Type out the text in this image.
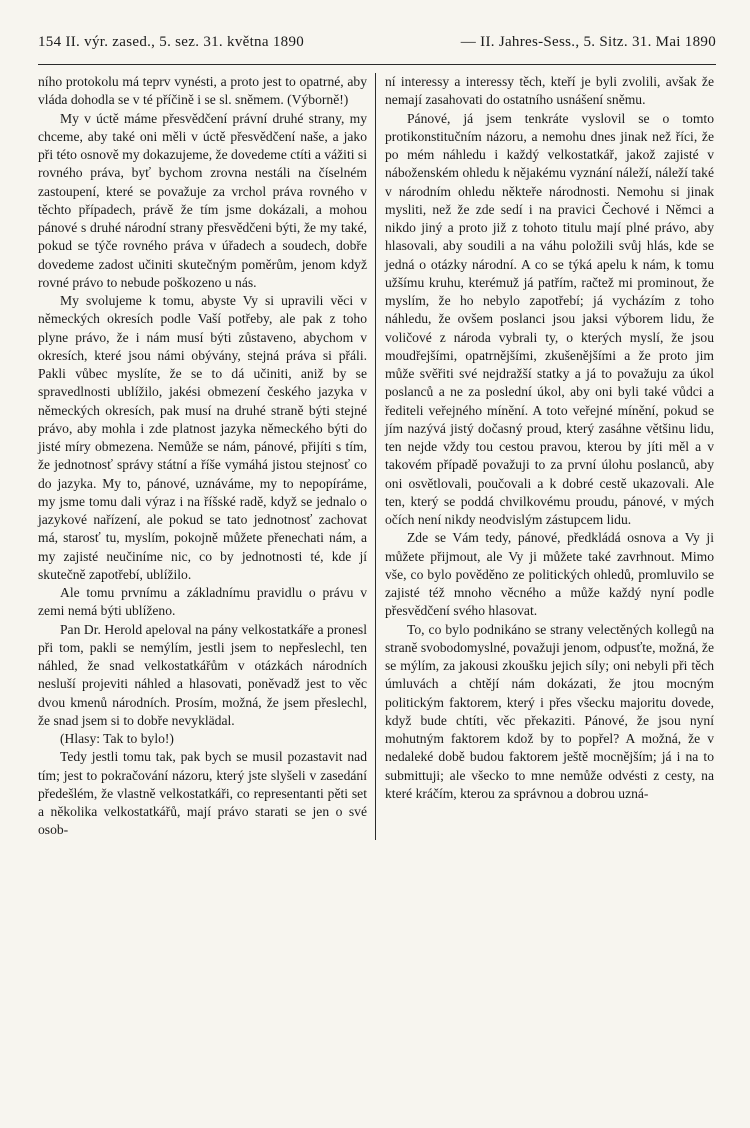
154 II. výr. zased., 5. sez. 31. května 1890	— II. Jahres-Sess., 5. Sitz. 31. Mai 1890

ního protokolu má teprv vynésti, a proto jest to opatrné, aby vláda dohodla se v té příčině i se sl. sněmem. (Výborně!)

My v úctě máme přesvědčení právní druhé strany, my chceme, aby také oni měli v úctě přesvědčení naše, a jako při této osnově my dokazujeme, že dovedeme ctíti a vážiti si rovného práva, byť bychom zrovna nestáli na číselném zastoupení, které se považuje za vrchol práva rovného v těchto případech, právě že tím jsme dokázali, a mohou pánové s druhé národní strany přesvědčeni býti, že my také, pokud se týče rovného práva v úřadech a soudech, dobře dovedeme zadost učiniti skutečným poměrům, jenom když rovné právo to nebude poškozeno u nás.

My svolujeme k tomu, abyste Vy si upravili věci v německých okresích podle Vaší potřeby, ale pak z toho plyne právo, že i nám musí býti zůstaveno, abychom v okresích, které jsou námi obývány, stejná práva si přáli. Pakli vůbec myslíte, že se to dá učiniti, aniž by se spravedlnosti ublížilo, jakési obmezení českého jazyka v německých okresích, pak musí na druhé straně býti stejné právo, aby mohla i zde platnost jazyka německého býti do jisté míry obmezena. Nemůže se nám, pánové, přijíti s tím, že jednotnosť správy státní a říše vymáhá jistou stejnosť co do jazyka. My to, pánové, uznáváme, my to nepopíráme, my jsme tomu dali výraz i na říšské radě, když se jednalo o jazykové nařízení, ale pokud se tato jednotnosť zachovat má, starosť tu, myslím, pokojně můžete přenechati nám, a my zajisté neučiníme nic, co by jednotnosti té, kde jí skutečně zapotřebí, ublížilo.

Ale tomu prvnímu a základnímu pravidlu o právu v zemi nemá býti ublíženo.

Pan Dr. Herold apeloval na pány velkostatkáře a pronesl při tom, pakli se nemýlím, jestli jsem to nepřeslechl, ten náhled, že snad velkostatkářům v otázkách národních nesluší projeviti náhled a hlasovati, poněvadž jest to věc dvou kmenů národních. Prosím, možná, že jsem přeslechl, že snad jsem si to dobře nevyklädal.

(Hlasy: Tak to bylo!)

Tedy jestli tomu tak, pak bych se musil pozastavit nad tím; jest to pokračování názoru, který jste slyšeli v zasedání předešlém, že vlastně velkostatkáři, co representanti pěti set a několika velkostatkářů, mají právo starati se jen o své osob-

ní interessy a interessy těch, kteří je byli zvolili, avšak že nemají zasahovati do ostatního usnášení sněmu.

Pánové, já jsem tenkráte vyslovil se o tomto protikonstitučním názoru, a nemohu dnes jinak než říci, že po mém náhledu i každý velkostatkář, jakož zajisté v náboženském ohledu k nějakému vyznání náleží, náleží také v národním ohledu někteře národnosti. Nemohu si jinak mysliti, než že zde sedí i na pravici Čechové i Němci a nikdo jiný a proto již z tohoto titulu mají plné právo, aby hlasovali, aby soudili a na váhu položili svůj hlás, kde se jedná o otázky národní. A co se týká apelu k nám, k tomu užšímu kruhu, kterémuž já patřím, račtež mi prominout, že myslím, že ho nebylo zapotřebí; já vycházím z toho náhledu, že ovšem poslanci jsou jaksi výborem lidu, že voličové z národa vybrali ty, o kterých myslí, že jsou moudřejšími, opatrnějšími, zkušenějšími a že proto jim může svěřiti své nejdražší statky a já to považuju za úkol poslanců a ne za poslední úkol, aby oni byli také vůdci a řediteli veřejného mínění. A toto veřejné mínění, pokud se jím nazývá jistý dočasný proud, který zasáhne většinu lidu, ten nejde vždy tou cestou pravou, kterou by jíti měl a v takovém případě považuji to za první úlohu poslanců, aby oni osvětlovali, poučovali a k dobré cestě ukazovali. Ale ten, který se poddá chvilkovému proudu, pánové, v mých očích není nikdy neodvislým zástupcem lidu.

Zde se Vám tedy, pánové, předkládá osnova a Vy ji můžete přijmout, ale Vy ji můžete také zavrhnout. Mimo vše, co bylo pověděno ze politických ohledů, promluvilo se zajisté též mnoho věcného a může každý nyní podle přesvědčení svého hlasovat.

To, co bylo podnikáno se strany velectěných kollegů na straně svobodomyslné, považuji jenom, odpusťte, možná, že se mýlím, za jakousi zkoušku jejich síly; oni nebyli při těch úmluvách a chtějí nám dokázati, že jtou mocným politickým faktorem, který i přes všecku majoritu dovede, když bude chtíti, věc překaziti. Pánové, že jsou nyní mohutným faktorem kdož by to popřel? A možná, že v nedaleké době budou faktorem ještě mocnějším; já i na to submittuji; ale všecko to mne nemůže odvésti z cesty, na které kráčím, kterou za správnou a dobrou uzná-
